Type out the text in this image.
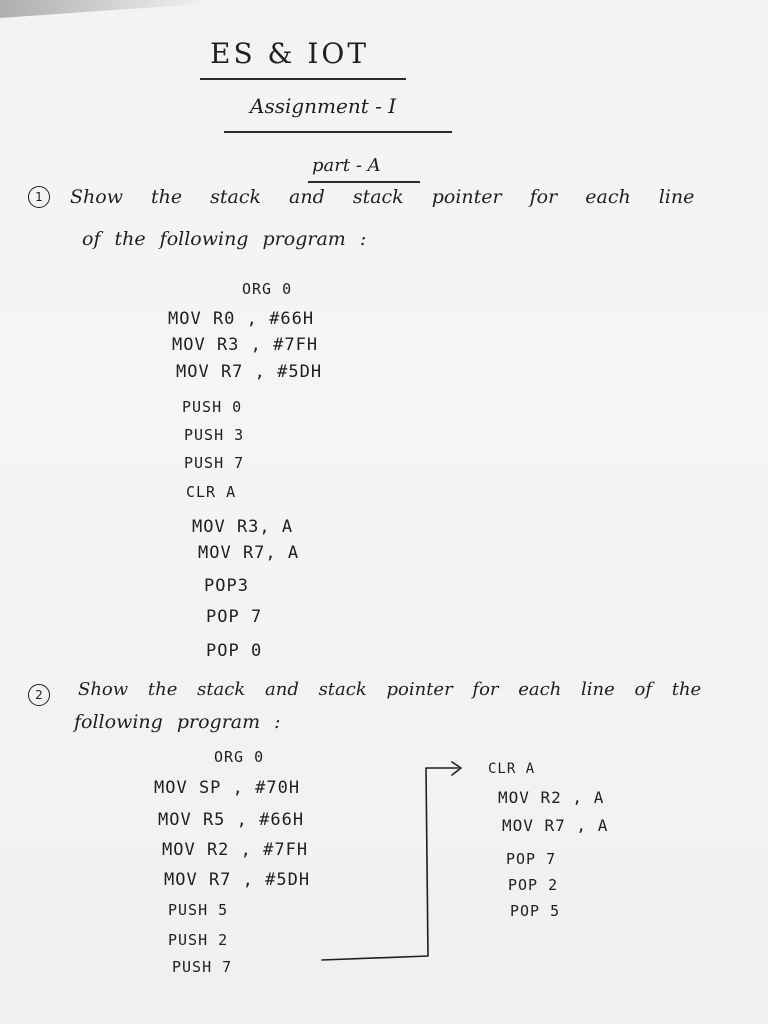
ES & IOT
Assignment - I
part - A
1	Show the stack and stack pointer for each line
of the following program :
ORG 0
MOV R0 , #66H
MOV R3 , #7FH
MOV R7 , #5DH
PUSH 0
PUSH 3
PUSH 7
CLR A
MOV R3, A
MOV R7, A
POP3
POP 7
POP 0
2	Show the stack and stack pointer for each line of the
following program :
ORG 0
MOV SP , #70H
MOV R5 , #66H
MOV R2 , #7FH
MOV R7 , #5DH
PUSH 5
PUSH 2
PUSH 7
CLR A
MOV R2 , A
MOV R7 , A
POP 7
POP 2
POP 5
